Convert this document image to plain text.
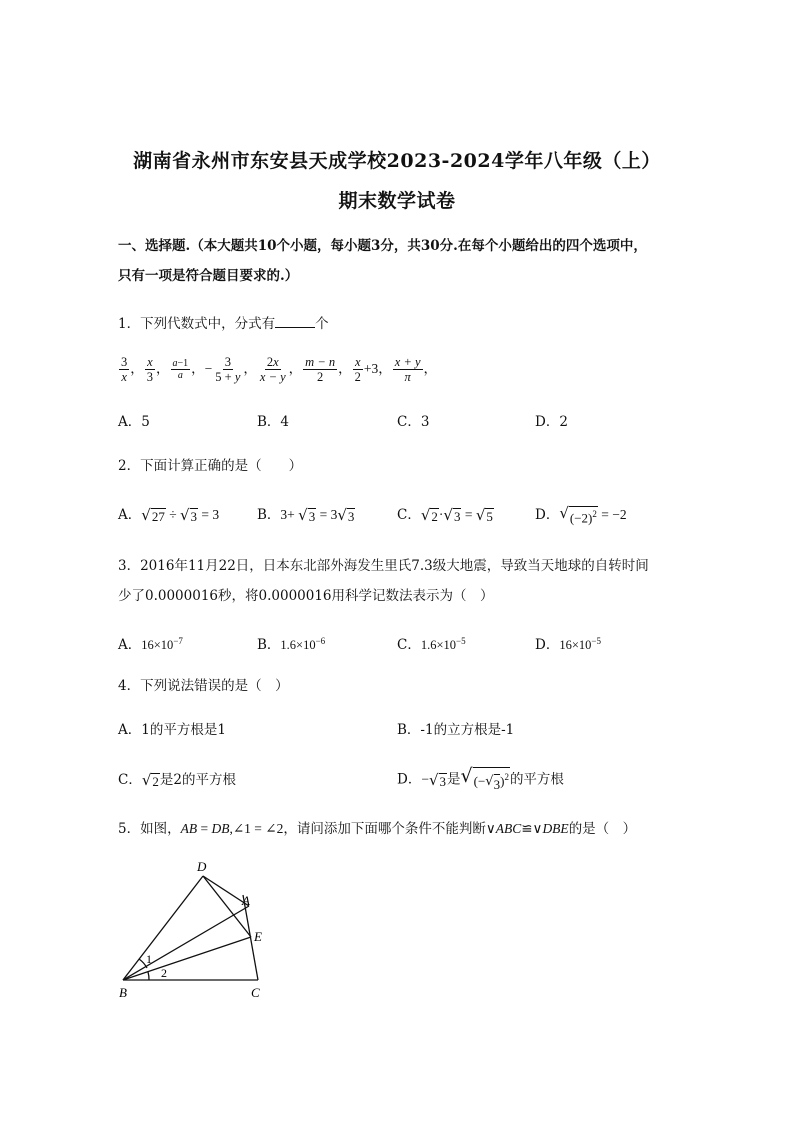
湖南省永州市东安县天成学校2023-2024学年八年级（上）
期末数学试卷
一、选择题.（本大题共10个小题，每小题3分，共30分.在每个小题给出的四个选项中，
只有一项是符合题目要求的.）
1．下列代数式中，分式有	个
$\frac{3}{x}$ ， $\frac{x}{3}$ ， $\frac{a-1}{a}$ ，− $\frac{3}{5 + y}$ ， $\frac{2x}{x - y}$ ， $\frac{m - n}{2}$ ， $\frac{x}{2} +3$， $\frac{x + y}{\pi}$ ，
A．5	B．4	C．3	D．2
2．下面计算正确的是（　　）
A． √ 27 ÷ √ 3 = 3	B．3+ √ 3 = 3 √ 3	C． √ 2 · √ 3 = √ 5	D． √ $(-2)^2 = -2$
3．2016年11月22日，日本东北部外海发生里氏7.3级大地震，导致当天地球的自转时间
少了0.0000016秒，将0.0000016用科学记数法表示为（　）
A．$16\times 10^{-7}$	B．$1.6\times 10^{-6}$	C．$1.6\times 10^{-5}$	D．$16\times 10^{-5}$
4．下列说法错误的是（　）
A．1的平方根是1	B．-1的立方根是-1
C． √ 2 是2的平方根	D．− √ 3 是 √ (− √ 3 )$^2$ 的平方根
5．如图，AB = DB,∠1 = ∠2，请问添加下面哪个条件不能判断∨ABC≌∨DBE的是（　）
D
A
E
B	C
1
2
